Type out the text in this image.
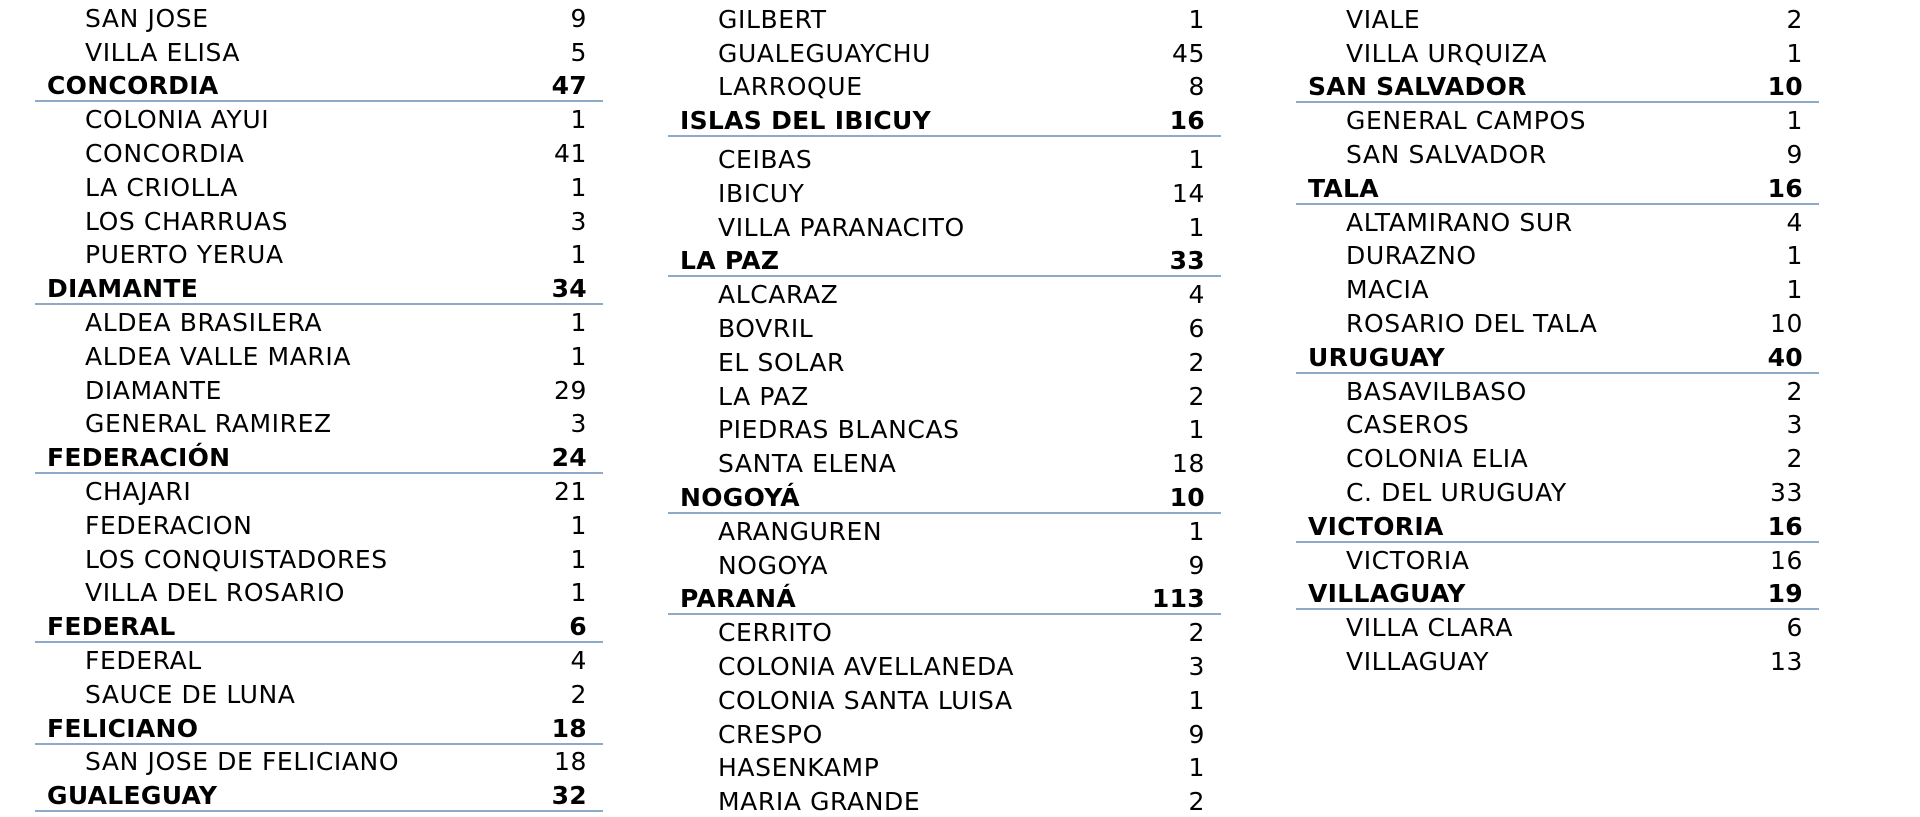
SAN JOSE	9
VILLA ELISA	5
CONCORDIA	47
COLONIA AYUI	1
CONCORDIA	41
LA CRIOLLA	1
LOS CHARRUAS	3
PUERTO YERUA	1
DIAMANTE	34
ALDEA BRASILERA	1
ALDEA VALLE MARIA	1
DIAMANTE	29
GENERAL RAMIREZ	3
FEDERACIÓN	24
CHAJARI	21
FEDERACION	1
LOS CONQUISTADORES	1
VILLA DEL ROSARIO	1
FEDERAL	6
FEDERAL	4
SAUCE DE LUNA	2
FELICIANO	18
SAN JOSE DE FELICIANO	18
GUALEGUAY	32
GILBERT	1
GUALEGUAYCHU	45
LARROQUE	8
ISLAS DEL IBICUY	16
CEIBAS	1
IBICUY	14
VILLA PARANACITO	1
LA PAZ	33
ALCARAZ	4
BOVRIL	6
EL SOLAR	2
LA PAZ	2
PIEDRAS BLANCAS	1
SANTA ELENA	18
NOGOYÁ	10
ARANGUREN	1
NOGOYA	9
PARANÁ	113
CERRITO	2
COLONIA AVELLANEDA	3
COLONIA SANTA LUISA	1
CRESPO	9
HASENKAMP	1
MARIA GRANDE	2
VIALE	2
VILLA URQUIZA	1
SAN SALVADOR	10
GENERAL CAMPOS	1
SAN SALVADOR	9
TALA	16
ALTAMIRANO SUR	4
DURAZNO	1
MACIA	1
ROSARIO DEL TALA	10
URUGUAY	40
BASAVILBASO	2
CASEROS	3
COLONIA ELIA	2
C. DEL URUGUAY	33
VICTORIA	16
VICTORIA	16
VILLAGUAY	19
VILLA CLARA	6
VILLAGUAY	13
